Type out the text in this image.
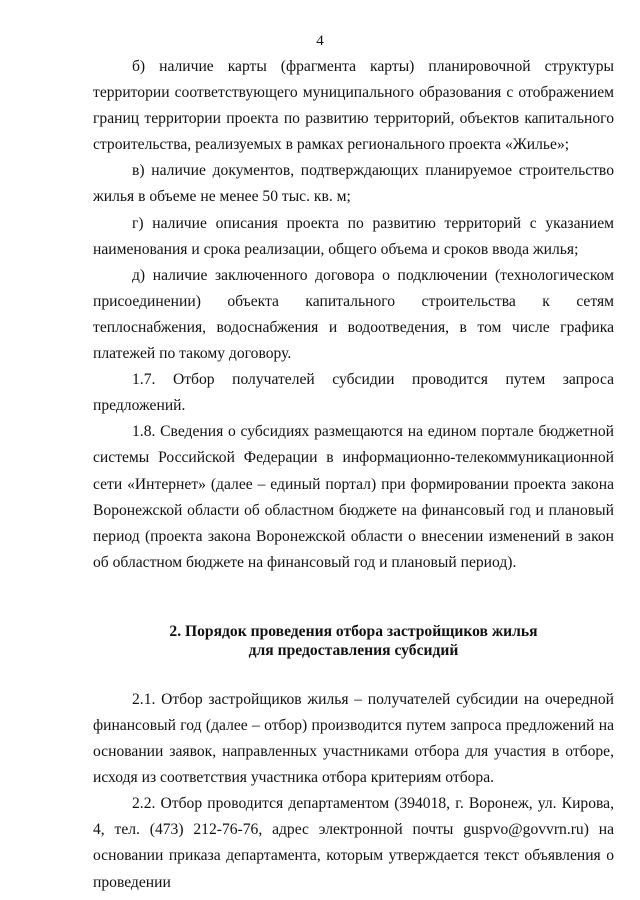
4

б) наличие карты (фрагмента карты) планировочной структуры территории соответствующего муниципального образования с отображением границ территории проекта по развитию территорий, объектов капитального строительства, реализуемых в рамках регионального проекта «Жилье»;

в) наличие документов, подтверждающих планируемое строительство жилья в объеме не менее 50 тыс. кв. м;

г) наличие описания проекта по развитию территорий с указанием наименования и срока реализации, общего объема и сроков ввода жилья;

д) наличие заключенного договора о подключении (технологическом присоединении) объекта капитального строительства к сетям теплоснабжения, водоснабжения и водоотведения, в том числе графика платежей по такому договору.

1.7. Отбор получателей субсидии проводится путем запроса предложений.

1.8. Сведения о субсидиях размещаются на едином портале бюджетной системы Российской Федерации в информационно-телекоммуникационной сети «Интернет» (далее – единый портал) при формировании проекта закона Воронежской области об областном бюджете на финансовый год и плановый период (проекта закона Воронежской области о внесении изменений в закон об областном бюджете на финансовый год и плановый период).

2. Порядок проведения отбора застройщиков жилья
для предоставления субсидий

2.1. Отбор застройщиков жилья – получателей субсидии на очередной финансовый год (далее – отбор) производится путем запроса предложений на основании заявок, направленных участниками отбора для участия в отборе, исходя из соответствия участника отбора критериям отбора.

2.2. Отбор проводится департаментом (394018, г. Воронеж, ул. Кирова, 4, тел. (473) 212-76-76, адрес электронной почты guspvo@govvrn.ru) на основании приказа департамента, которым утверждается текст объявления о проведении
